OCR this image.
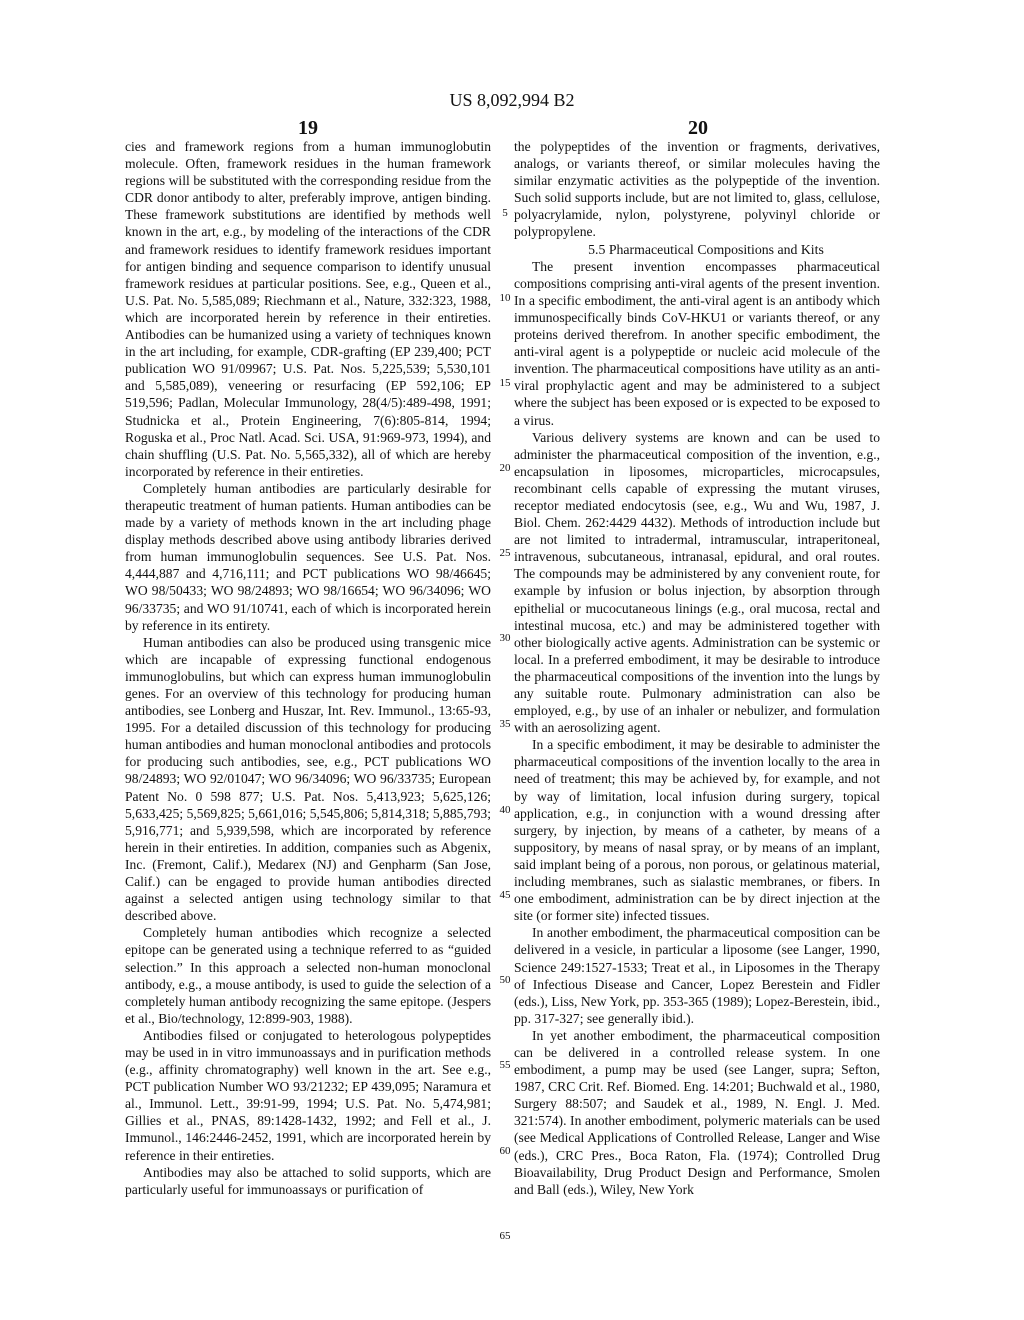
US 8,092,994 B2
19	20

cies and framework regions from a human immunoglobutin molecule. Often, framework residues in the human framework regions will be substituted with the corresponding residue from the CDR donor antibody to alter, preferably improve, antigen binding. These framework substitutions are identified by methods well known in the art, e.g., by modeling of the interactions of the CDR and framework residues to identify framework residues important for antigen binding and sequence comparison to identify unusual framework residues at particular positions. See, e.g., Queen et al., U.S. Pat. No. 5,585,089; Riechmann et al., Nature, 332:323, 1988, which are incorporated herein by reference in their entireties. Antibodies can be humanized using a variety of techniques known in the art including, for example, CDR-grafting (EP 239,400; PCT publication WO 91/09967; U.S. Pat. Nos. 5,225,539; 5,530,101 and 5,585,089), veneering or resurfacing (EP 592,106; EP 519,596; Padlan, Molecular Immunology, 28(4/5):489-498, 1991; Studnicka et al., Protein Engineering, 7(6):805-814, 1994; Roguska et al., Proc Natl. Acad. Sci. USA, 91:969-973, 1994), and chain shuffling (U.S. Pat. No. 5,565,332), all of which are hereby incorporated by reference in their entireties.

Completely human antibodies are particularly desirable for therapeutic treatment of human patients. Human antibodies can be made by a variety of methods known in the art including phage display methods described above using antibody libraries derived from human immunoglobulin sequences. See U.S. Pat. Nos. 4,444,887 and 4,716,111; and PCT publications WO 98/46645; WO 98/50433; WO 98/24893; WO 98/16654; WO 96/34096; WO 96/33735; and WO 91/10741, each of which is incorporated herein by reference in its entirety.

Human antibodies can also be produced using transgenic mice which are incapable of expressing functional endogenous immunoglobulins, but which can express human immunoglobulin genes. For an overview of this technology for producing human antibodies, see Lonberg and Huszar, Int. Rev. Immunol., 13:65-93, 1995. For a detailed discussion of this technology for producing human antibodies and human monoclonal antibodies and protocols for producing such antibodies, see, e.g., PCT publications WO 98/24893; WO 92/01047; WO 96/34096; WO 96/33735; European Patent No. 0 598 877; U.S. Pat. Nos. 5,413,923; 5,625,126; 5,633,425; 5,569,825; 5,661,016; 5,545,806; 5,814,318; 5,885,793; 5,916,771; and 5,939,598, which are incorporated by reference herein in their entireties. In addition, companies such as Abgenix, Inc. (Fremont, Calif.), Medarex (NJ) and Genpharm (San Jose, Calif.) can be engaged to provide human antibodies directed against a selected antigen using technology similar to that described above.

Completely human antibodies which recognize a selected epitope can be generated using a technique referred to as “guided selection.” In this approach a selected non-human monoclonal antibody, e.g., a mouse antibody, is used to guide the selection of a completely human antibody recognizing the same epitope. (Jespers et al., Bio/technology, 12:899-903, 1988).

Antibodies filsed or conjugated to heterologous polypeptides may be used in in vitro immunoassays and in purification methods (e.g., affinity chromatography) well known in the art. See e.g., PCT publication Number WO 93/21232; EP 439,095; Naramura et al., Immunol. Lett., 39:91-99, 1994; U.S. Pat. No. 5,474,981; Gillies et al., PNAS, 89:1428-1432, 1992; and Fell et al., J. Immunol., 146:2446-2452, 1991, which are incorporated herein by reference in their entireties.

Antibodies may also be attached to solid supports, which are particularly useful for immunoassays or purification of

the polypeptides of the invention or fragments, derivatives, analogs, or variants thereof, or similar molecules having the similar enzymatic activities as the polypeptide of the invention. Such solid supports include, but are not limited to, glass, cellulose, polyacrylamide, nylon, polystyrene, polyvinyl chloride or polypropylene.

5.5 Pharmaceutical Compositions and Kits

The present invention encompasses pharmaceutical compositions comprising anti-viral agents of the present invention. In a specific embodiment, the anti-viral agent is an antibody which immunospecifically binds CoV-HKU1 or variants thereof, or any proteins derived therefrom. In another specific embodiment, the anti-viral agent is a polypeptide or nucleic acid molecule of the invention. The pharmaceutical compositions have utility as an anti-viral prophylactic agent and may be administered to a subject where the subject has been exposed or is expected to be exposed to a virus.

Various delivery systems are known and can be used to administer the pharmaceutical composition of the invention, e.g., encapsulation in liposomes, microparticles, microcapsules, recombinant cells capable of expressing the mutant viruses, receptor mediated endocytosis (see, e.g., Wu and Wu, 1987, J. Biol. Chem. 262:4429 4432). Methods of introduction include but are not limited to intradermal, intramuscular, intraperitoneal, intravenous, subcutaneous, intranasal, epidural, and oral routes. The compounds may be administered by any convenient route, for example by infusion or bolus injection, by absorption through epithelial or mucocutaneous linings (e.g., oral mucosa, rectal and intestinal mucosa, etc.) and may be administered together with other biologically active agents. Administration can be systemic or local. In a preferred embodiment, it may be desirable to introduce the pharmaceutical compositions of the invention into the lungs by any suitable route. Pulmonary administration can also be employed, e.g., by use of an inhaler or nebulizer, and formulation with an aerosolizing agent.

In a specific embodiment, it may be desirable to administer the pharmaceutical compositions of the invention locally to the area in need of treatment; this may be achieved by, for example, and not by way of limitation, local infusion during surgery, topical application, e.g., in conjunction with a wound dressing after surgery, by injection, by means of a catheter, by means of a suppository, by means of nasal spray, or by means of an implant, said implant being of a porous, non porous, or gelatinous material, including membranes, such as sialastic membranes, or fibers. In one embodiment, administration can be by direct injection at the site (or former site) infected tissues.

In another embodiment, the pharmaceutical composition can be delivered in a vesicle, in particular a liposome (see Langer, 1990, Science 249:1527-1533; Treat et al., in Liposomes in the Therapy of Infectious Disease and Cancer, Lopez Berestein and Fidler (eds.), Liss, New York, pp. 353-365 (1989); Lopez-Berestein, ibid., pp. 317-327; see generally ibid.).

In yet another embodiment, the pharmaceutical composition can be delivered in a controlled release system. In one embodiment, a pump may be used (see Langer, supra; Sefton, 1987, CRC Crit. Ref. Biomed. Eng. 14:201; Buchwald et al., 1980, Surgery 88:507; and Saudek et al., 1989, N. Engl. J. Med. 321:574). In another embodiment, polymeric materials can be used (see Medical Applications of Controlled Release, Langer and Wise (eds.), CRC Pres., Boca Raton, Fla. (1974); Controlled Drug Bioavailability, Drug Product Design and Performance, Smolen and Ball (eds.), Wiley, New York

5
10
15
20
25
30
35
40
45
50
55
60
65
